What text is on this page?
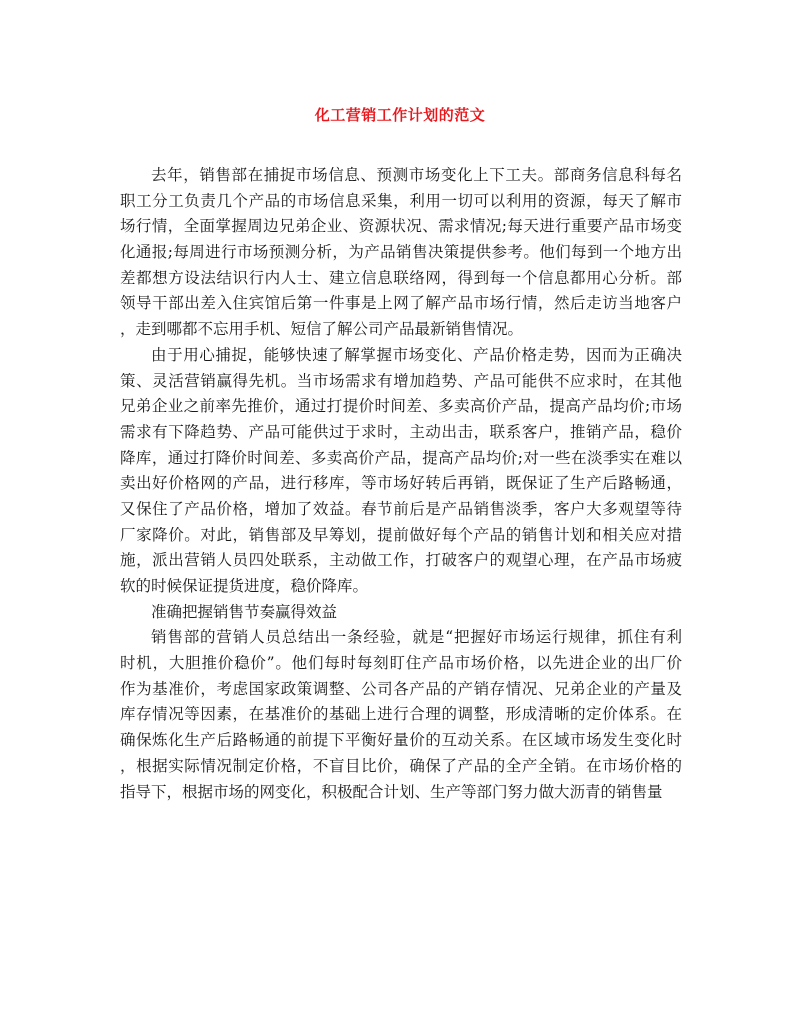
化工营销工作计划的范文
去年，销售部在捕捉市场信息、预测市场变化上下工夫。部商务信息科每名
职工分工负责几个产品的市场信息采集，利用一切可以利用的资源，每天了解市
场行情，全面掌握周边兄弟企业、资源状况、需求情况;每天进行重要产品市场变
化通报;每周进行市场预测分析，为产品销售决策提供参考。他们每到一个地方出
差都想方设法结识行内人士、建立信息联络网，得到每一个信息都用心分析。部
领导干部出差入住宾馆后第一件事是上网了解产品市场行情，然后走访当地客户
，走到哪都不忘用手机、短信了解公司产品最新销售情况。
由于用心捕捉，能够快速了解掌握市场变化、产品价格走势，因而为正确决
策、灵活营销赢得先机。当市场需求有增加趋势、产品可能供不应求时，在其他
兄弟企业之前率先推价，通过打提价时间差、多卖高价产品，提高产品均价;市场
需求有下降趋势、产品可能供过于求时，主动出击，联系客户，推销产品，稳价
降库，通过打降价时间差、多卖高价产品，提高产品均价;对一些在淡季实在难以
卖出好价格网的产品，进行移库，等市场好转后再销，既保证了生产后路畅通，
又保住了产品价格，增加了效益。春节前后是产品销售淡季，客户大多观望等待
厂家降价。对此，销售部及早筹划，提前做好每个产品的销售计划和相关应对措
施，派出营销人员四处联系，主动做工作，打破客户的观望心理，在产品市场疲
软的时候保证提货进度，稳价降库。
准确把握销售节奏赢得效益
销售部的营销人员总结出一条经验，就是“把握好市场运行规律，抓住有利
时机，大胆推价稳价”。他们每时每刻盯住产品市场价格，以先进企业的出厂价
作为基准价，考虑国家政策调整、公司各产品的产销存情况、兄弟企业的产量及
库存情况等因素，在基准价的基础上进行合理的调整，形成清晰的定价体系。在
确保炼化生产后路畅通的前提下平衡好量价的互动关系。在区域市场发生变化时
，根据实际情况制定价格，不盲目比价，确保了产品的全产全销。在市场价格的
指导下，根据市场的网变化，积极配合计划、生产等部门努力做大沥青的销售量
